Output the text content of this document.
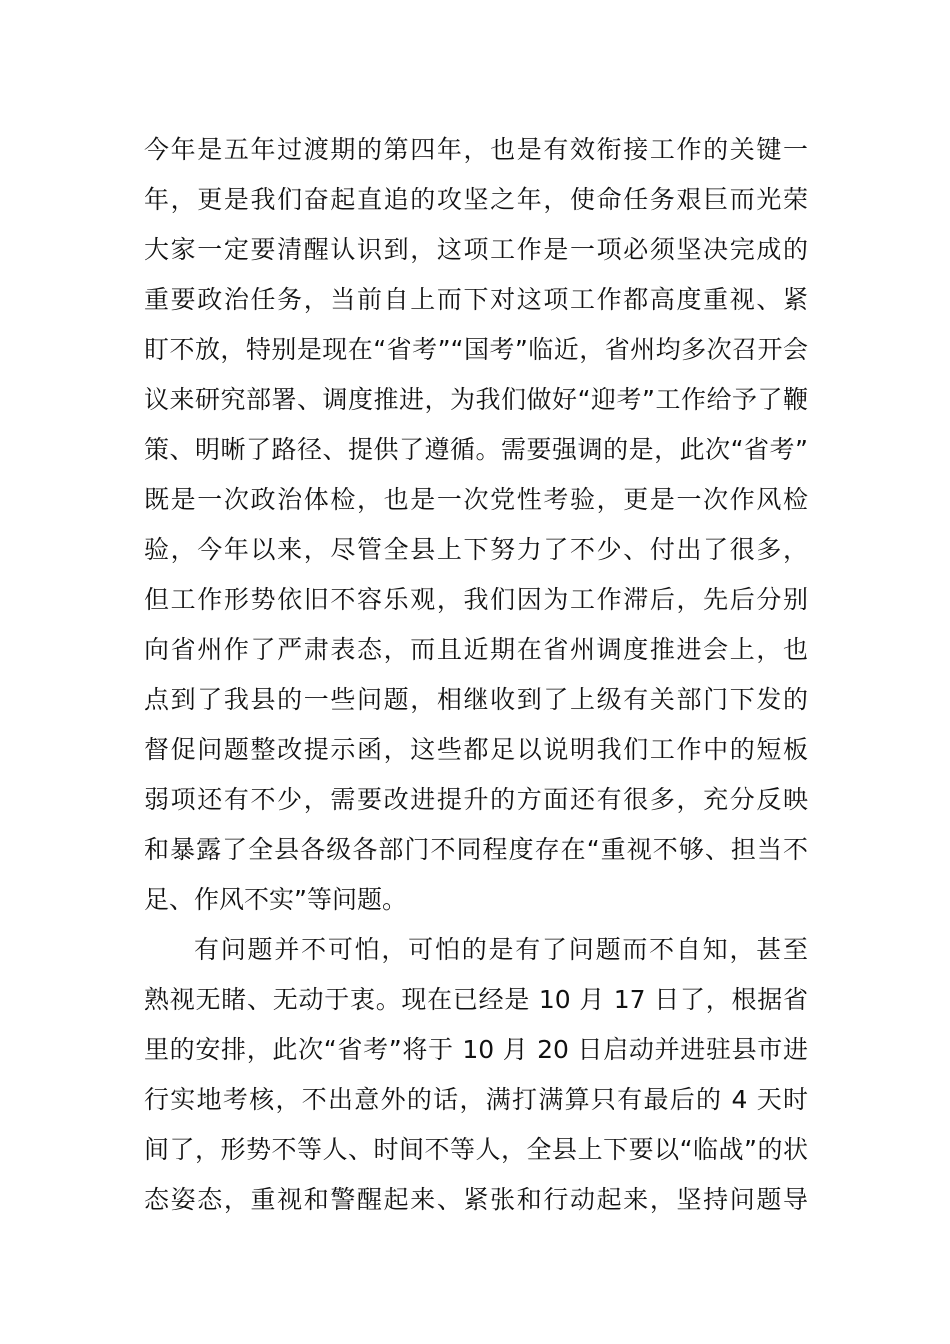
今年是五年过渡期的第四年，也是有效衔接工作的关键一
年，更是我们奋起直追的攻坚之年，使命任务艰巨而光荣
大家一定要清醒认识到，这项工作是一项必须坚决完成的
重要政治任务，当前自上而下对这项工作都高度重视、紧
盯不放，特别是现在“省考”“国考”临近，省州均多次召开会
议来研究部署、调度推进，为我们做好“迎考”工作给予了鞭
策、明晰了路径、提供了遵循。需要强调的是，此次“省考”
既是一次政治体检，也是一次党性考验，更是一次作风检
验，今年以来，尽管全县上下努力了不少、付出了很多，
但工作形势依旧不容乐观，我们因为工作滞后，先后分别
向省州作了严肃表态，而且近期在省州调度推进会上，也
点到了我县的一些问题，相继收到了上级有关部门下发的
督促问题整改提示函，这些都足以说明我们工作中的短板
弱项还有不少，需要改进提升的方面还有很多，充分反映
和暴露了全县各级各部门不同程度存在“重视不够、担当不
足、作风不实”等问题。
有问题并不可怕，可怕的是有了问题而不自知，甚至
熟视无睹、无动于衷。现在已经是 10 月 17 日了，根据省
里的安排，此次“省考”将于 10 月 20 日启动并进驻县市进
行实地考核，不出意外的话，满打满算只有最后的 4 天时
间了，形势不等人、时间不等人，全县上下要以“临战”的状
态姿态，重视和警醒起来、紧张和行动起来，坚持问题导
